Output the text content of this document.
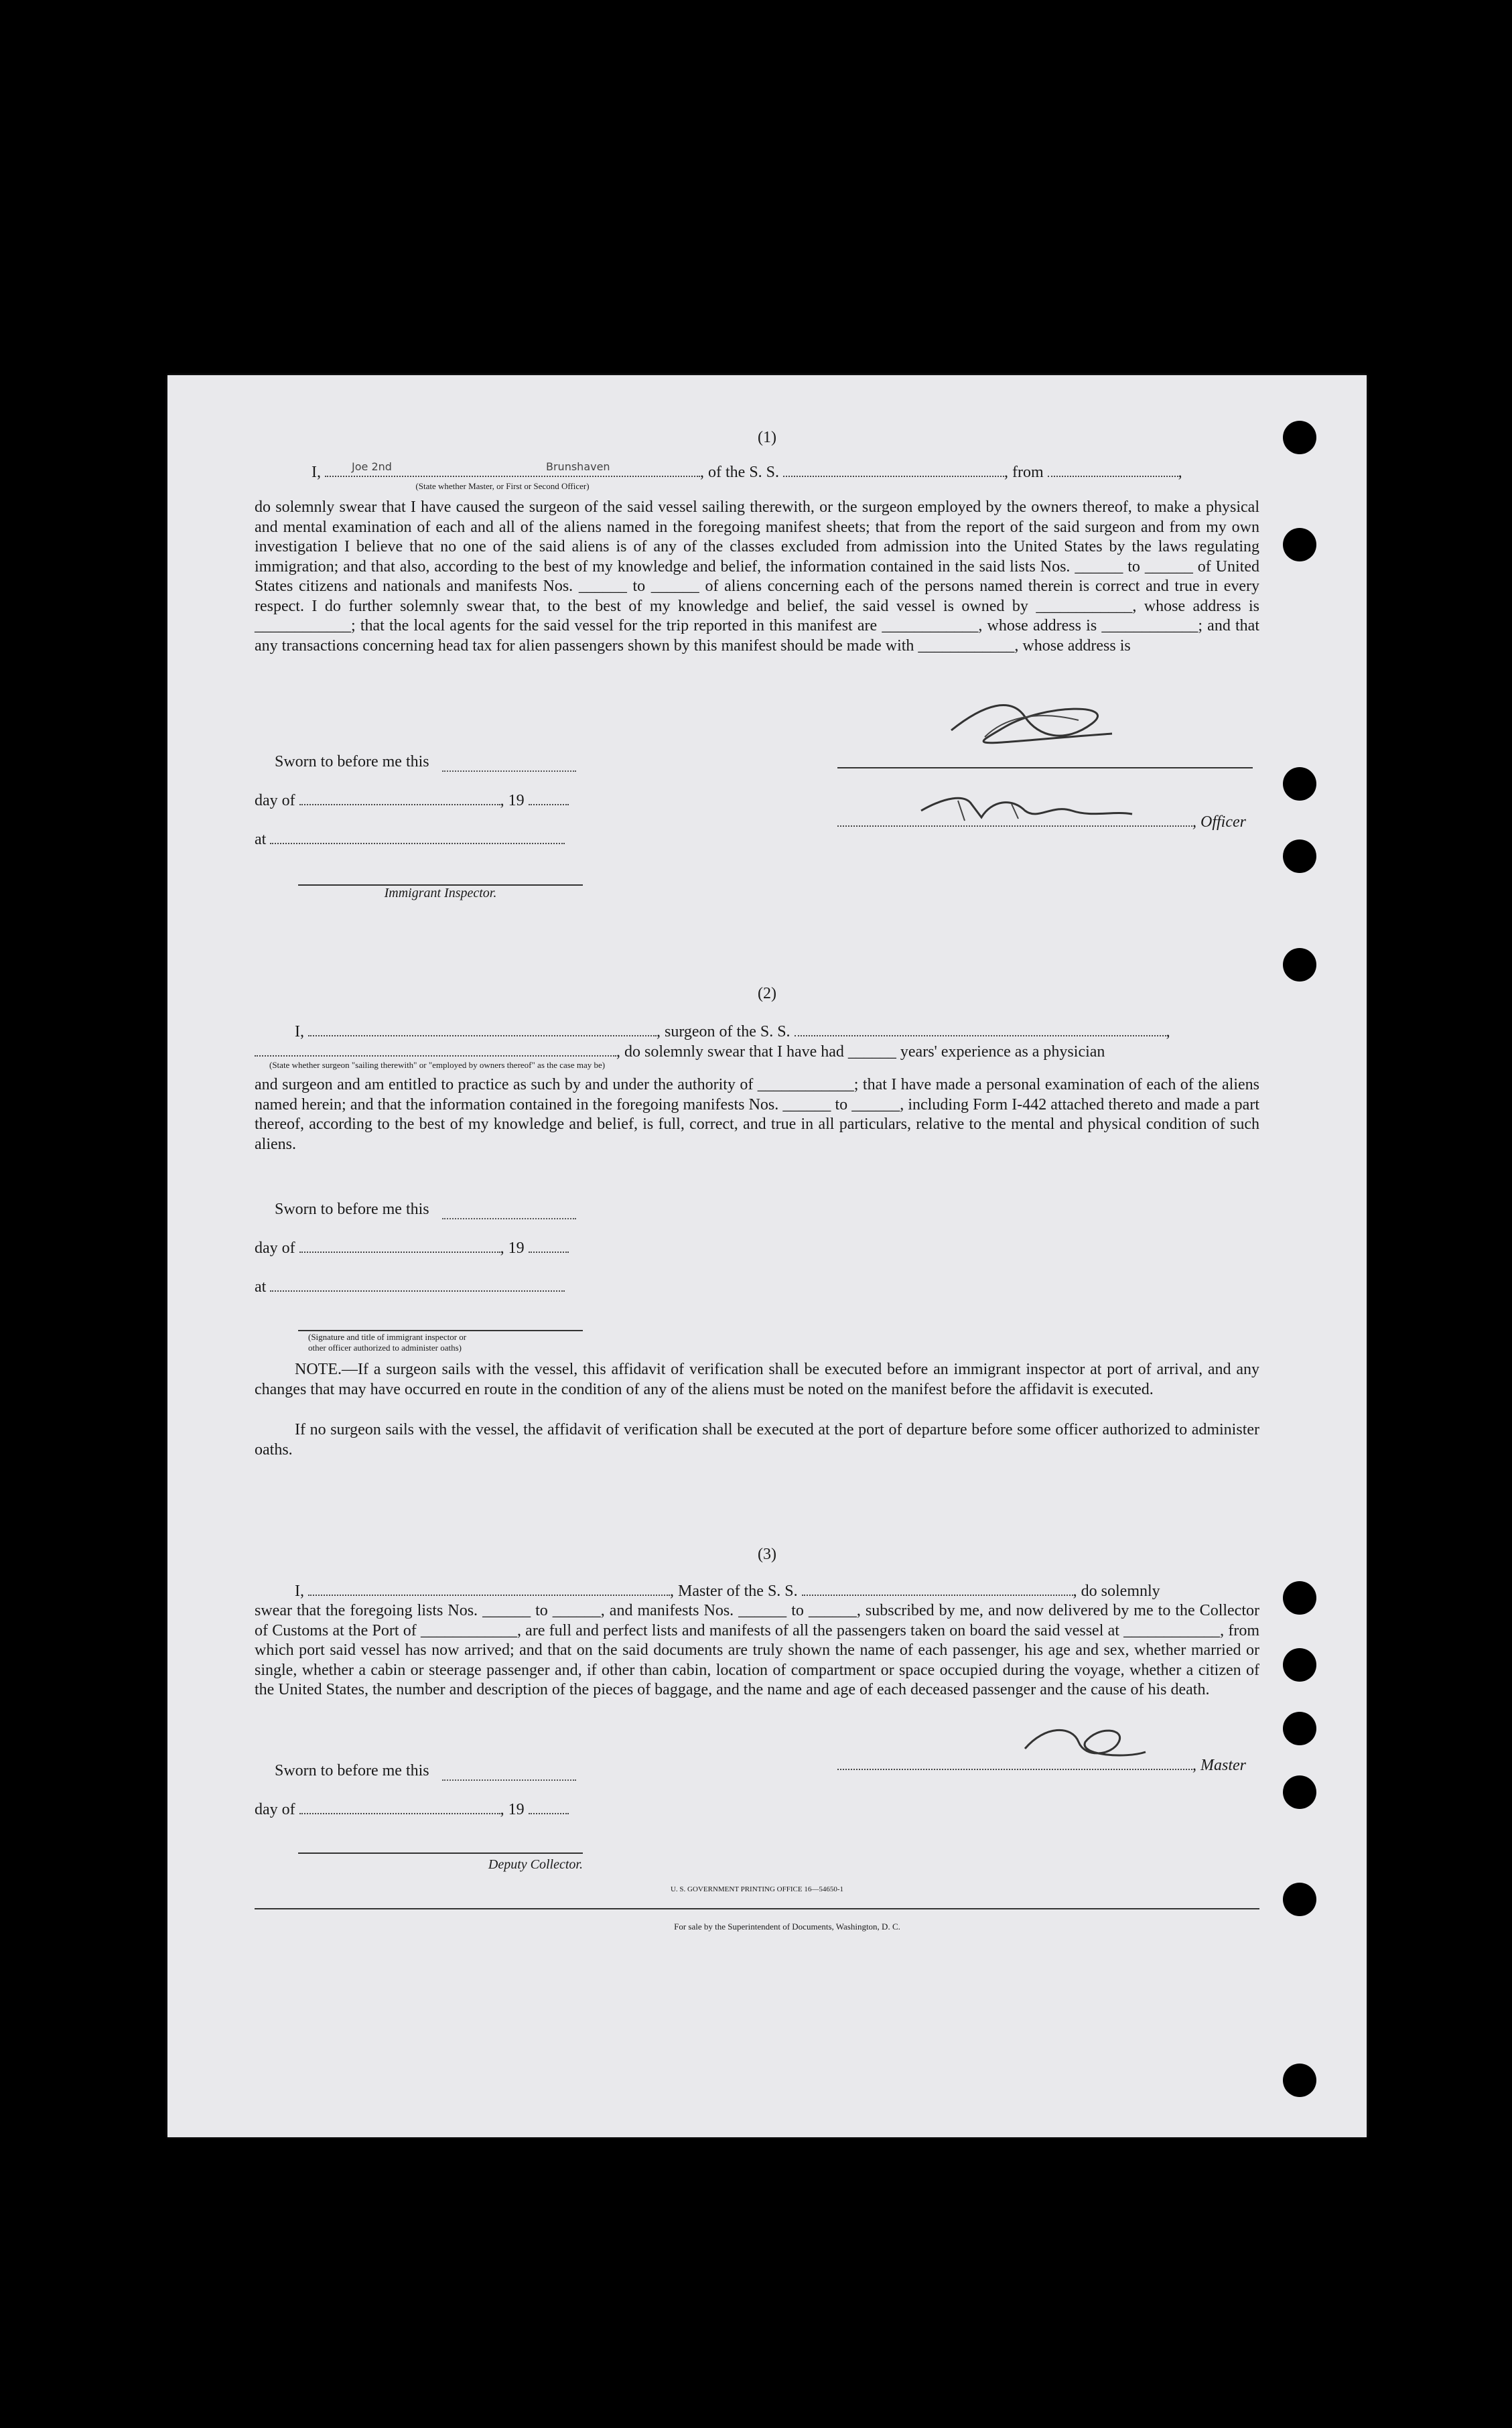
(1)
I,	Joe 2nd	Brunshaven	, of the S. S.	, from	,
(State whether Master, or First or Second Officer)
do solemnly swear that I have caused the surgeon of the said vessel sailing therewith, or the surgeon employed by the owners thereof, to make a physical and mental examination of each and all of the aliens named in the foregoing manifest sheets; that from the report of the said surgeon and from my own investigation I believe that no one of the said aliens is of any of the classes excluded from admission into the United States by the laws regulating immigration; and that also, according to the best of my knowledge and belief, the information contained in the said lists Nos. ______ to ______ of United States citizens and nationals and manifests Nos. ______ to ______ of aliens concerning each of the persons named therein is correct and true in every respect. I do further solemnly swear that, to the best of my knowledge and belief, the said vessel is owned by ____________, whose address is ____________; that the local agents for the said vessel for the trip reported in this manifest are ____________, whose address is ____________; and that any transactions concerning head tax for alien passengers shown by this manifest should be made with ____________, whose address is
Sworn to before me this
day of	, 19
, Officer
at
Immigrant Inspector.
(2)
I,	, surgeon of the S. S.	,
, do solemnly swear that I have had ______ years' experience as a physician
(State whether surgeon "sailing therewith" or "employed by owners thereof" as the case may be)
and surgeon and am entitled to practice as such by and under the authority of ____________; that I have made a personal examination of each of the aliens named herein; and that the information contained in the foregoing manifests Nos. ______ to ______, including Form I-442 attached thereto and made a part thereof, according to the best of my knowledge and belief, is full, correct, and true in all particulars, relative to the mental and physical condition of such aliens.
Sworn to before me this
day of	, 19
at
(Signature and title of immigrant inspector or other officer authorized to administer oaths)
NOTE.—If a surgeon sails with the vessel, this affidavit of verification shall be executed before an immigrant inspector at port of arrival, and any changes that may have occurred en route in the condition of any of the aliens must be noted on the manifest before the affidavit is executed.
If no surgeon sails with the vessel, the affidavit of verification shall be executed at the port of departure before some officer authorized to administer oaths.
(3)
I,	, Master of the S. S.	, do solemnly
swear that the foregoing lists Nos. ______ to ______, and manifests Nos. ______ to ______, subscribed by me, and now delivered by me to the Collector of Customs at the Port of ____________, are full and perfect lists and manifests of all the passengers taken on board the said vessel at ____________, from which port said vessel has now arrived; and that on the said documents are truly shown the name of each passenger, his age and sex, whether married or single, whether a cabin or steerage passenger and, if other than cabin, location of compartment or space occupied during the voyage, whether a citizen of the United States, the number and description of the pieces of baggage, and the name and age of each deceased passenger and the cause of his death.
, Master
Sworn to before me this
day of	, 19
Deputy Collector.
U. S. GOVERNMENT PRINTING OFFICE 16—54650-1
For sale by the Superintendent of Documents, Washington, D. C.
